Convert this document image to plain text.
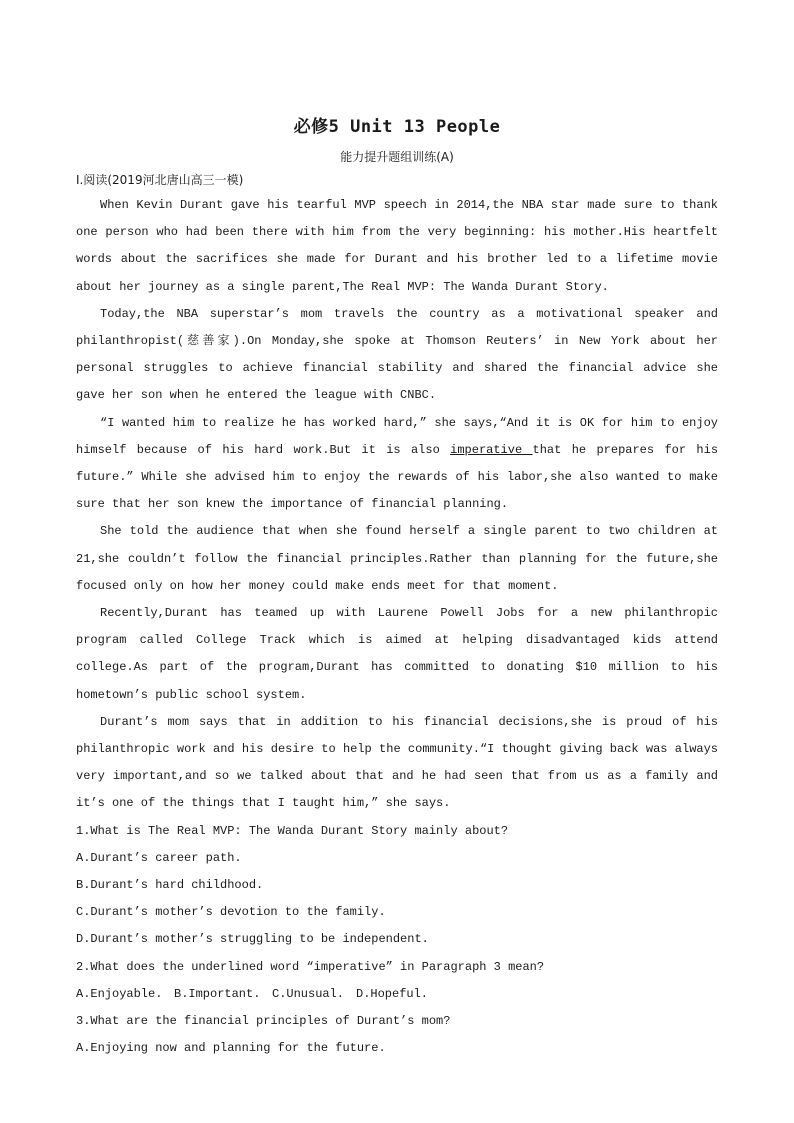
必修5 Unit 13 People
能力提升题组训练(A)
Ⅰ.阅读(2019河北唐山高三一模)

When Kevin Durant gave his tearful MVP speech in 2014,the NBA star made sure to thank one person who had been there with him from the very beginning: his mother.His heartfelt words about the sacrifices she made for Durant and his brother led to a lifetime movie about her journey as a single parent,The Real MVP: The Wanda Durant Story.

Today,the NBA superstar’s mom travels the country as a motivational speaker and philanthropist(慈善家).On Monday,she spoke at Thomson Reuters’ in New York about her personal struggles to achieve financial stability and shared the financial advice she gave her son when he entered the league with CNBC.

“I wanted him to realize he has worked hard,” she says,“And it is OK for him to enjoy himself because of his hard work.But it is also imperative that he prepares for his future.” While she advised him to enjoy the rewards of his labor,she also wanted to make sure that her son knew the importance of financial planning.

She told the audience that when she found herself a single parent to two children at 21,she couldn’t follow the financial principles.Rather than planning for the future,she focused only on how her money could make ends meet for that moment.

Recently,Durant has teamed up with Laurene Powell Jobs for a new philanthropic program called College Track which is aimed at helping disadvantaged kids attend college.As part of the program,Durant has committed to donating $10 million to his hometown’s public school system.

Durant’s mom says that in addition to his financial decisions,she is proud of his philanthropic work and his desire to help the community.“I thought giving back was always very important,and so we talked about that and he had seen that from us as a family and it’s one of the things that I taught him,” she says.

1.What is The Real MVP: The Wanda Durant Story mainly about?

A.Durant’s career path.

B.Durant’s hard childhood.

C.Durant’s mother’s devotion to the family.

D.Durant’s mother’s struggling to be independent.

2.What does the underlined word “imperative” in Paragraph 3 mean?

A.Enjoyable. B.Important. C.Unusual. D.Hopeful.

3.What are the financial principles of Durant’s mom?

A.Enjoying now and planning for the future.
